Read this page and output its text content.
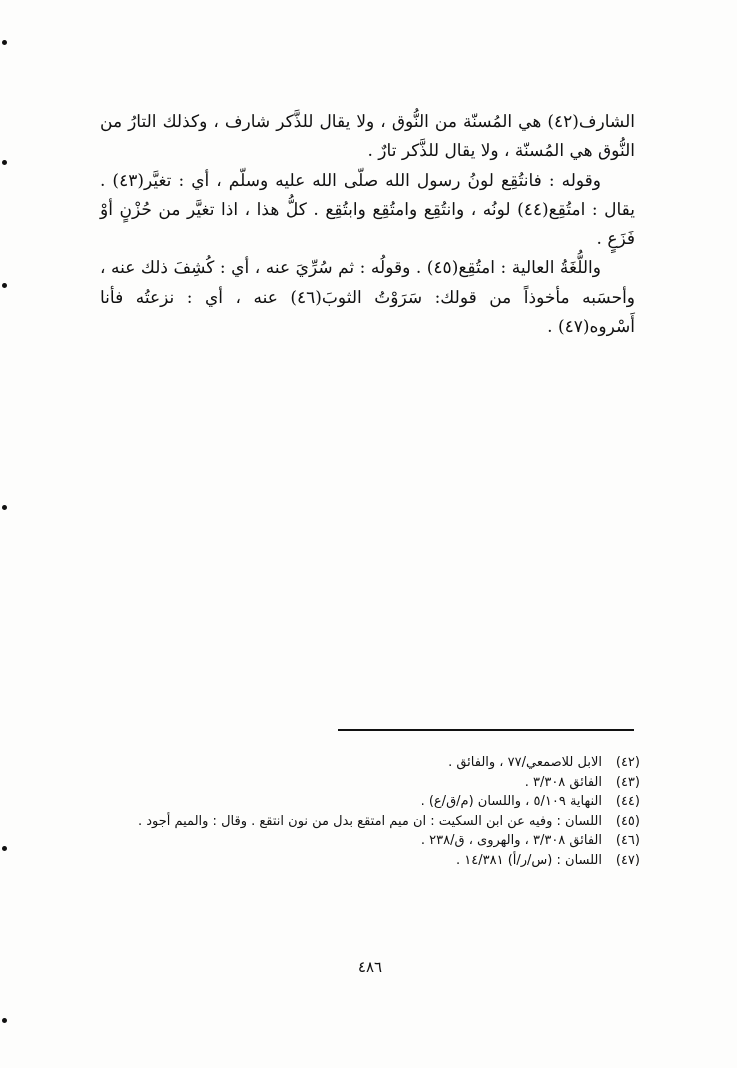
الشارف(٤٢) هي المُسنّة من النُّوق ، ولا يقال للذَّكر شارف ، وكذلك التارُ من النُّوق هي المُسنّة ، ولا يقال للذَّكر تارٌ .

وقوله : فانتُقِع لونُ رسول الله صلّى الله عليه وسلّم ، أي : تغيَّر(٤٣) . يقال : امتُقِع(٤٤) لونُه ، وانتُقِع وامتُقِع وابتُقِع . كلُّ هذا ، اذا تغيَّر من حُزْنٍ أوْ فَزَعٍ .

واللُّغَةُ العالية : امتُقِع(٤٥) . وقولُه : ثم سُرِّيَ عنه ، أي : كُشِفَ ذلك عنه ، وأحسَبه مأخوذاً من قولك: سَرَوْتُ الثوبَ(٤٦) عنه ، أي : نزعتُه فأنا أَسْروه(٤٧) .

(٤٢)
الابل للاصمعي/٧٧ ، والفائق .
(٤٣)
الفائق ٣/٣٠٨ .
(٤٤)
النهاية ٥/١٠٩ ، واللسان (م/ق/ع) .
(٤٥)
اللسان : وفيه عن ابن السكيت : ان ميم امتقع بدل من نون انتقع . وقال : والميم أجود .
(٤٦)
الفائق ٣/٣٠٨ ، والهروى ، ق/٢٣٨ .
(٤٧)
اللسان : (س/ر/أ) ١٤/٣٨١ .
٤٨٦
